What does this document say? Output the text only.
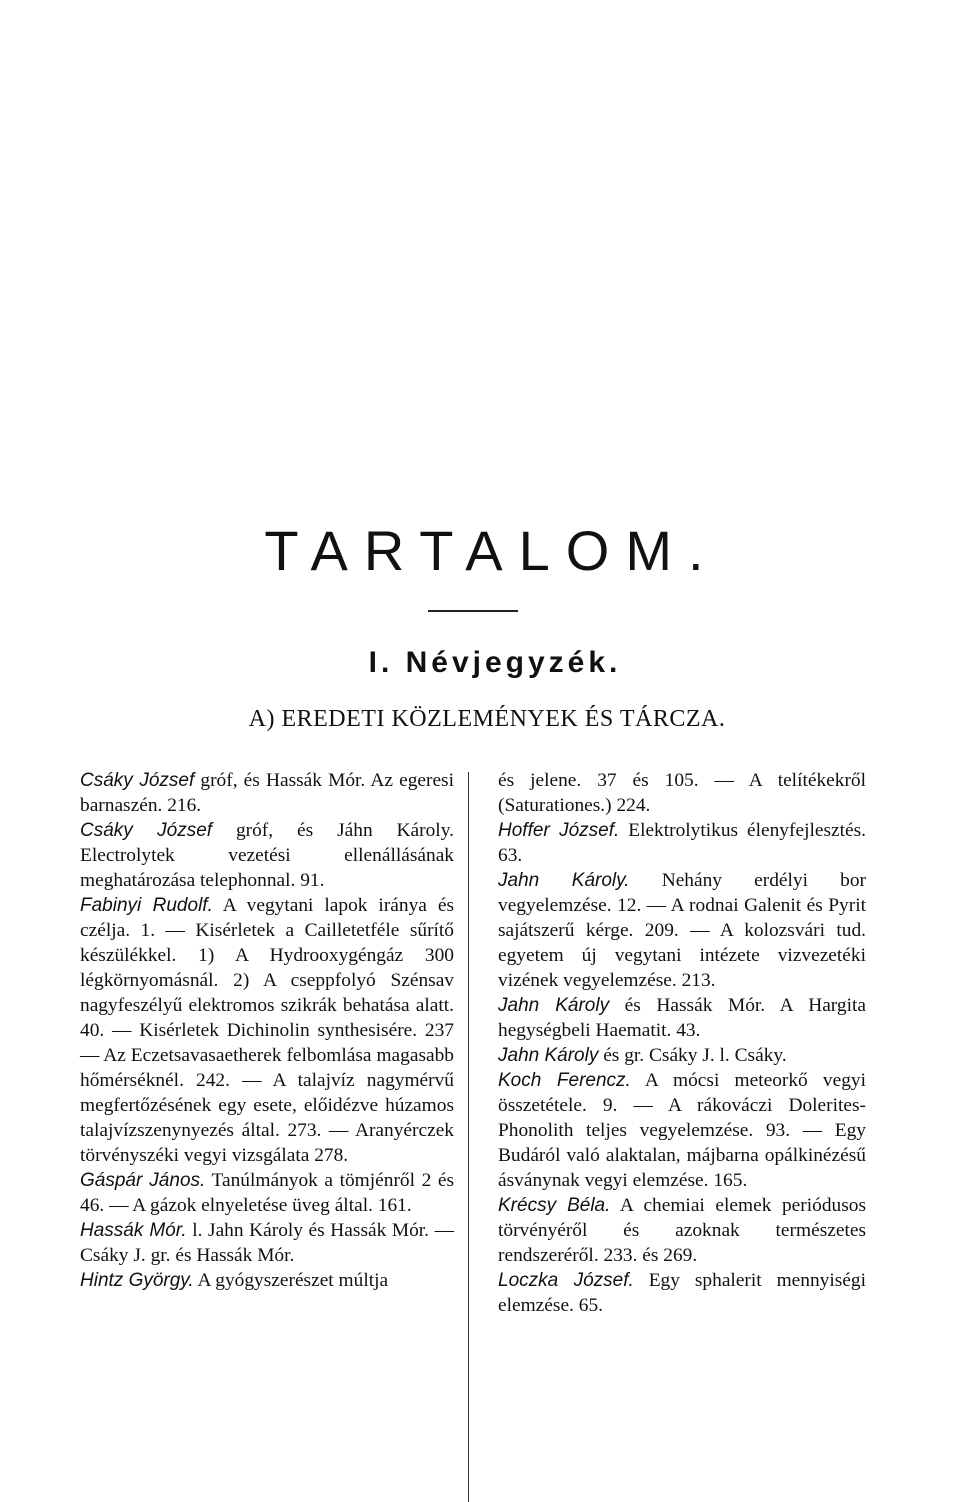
TARTALOM.
I. Névjegyzék.
A) EREDETI KÖZLEMÉNYEK ÉS TÁRCZA.

Csáky József gróf, és Hassák Mór. Az egeresi barnaszén. 216.

Csáky József gróf, és Jáhn Károly. Electrolytek vezetési ellenállásának meghatározása telephonnal. 91.

Fabinyi Rudolf. A vegytani lapok iránya és czélja. 1. — Kisérletek a Cailletetféle sűrítő készülékkel. 1) A Hydrooxygéngáz 300 légkörnyomásnál. 2) A cseppfolyó Szénsav nagyfeszélyű elektromos szikrák behatása alatt. 40. — Kisérletek Dichinolin synthesisére. 237 — Az Eczetsavasaetherek felbomlása magasabb hőmérséknél. 242. — A talajvíz nagymérvű megfertőzésének egy esete, előidézve húzamos talajvízszenynyezés által. 273. — Aranyérczek törvényszéki vegyi vizsgálata 278.

Gáspár János. Tanúlmányok a tömjénről 2 és 46. — A gázok elnyeletése üveg által. 161.

Hassák Mór. l. Jahn Károly és Hassák Mór. — Csáky J. gr. és Hassák Mór.

Hintz György. A gyógyszerészet múltja

és jelene. 37 és 105. — A telítékekről (Saturationes.) 224.

Hoffer József. Elektrolytikus élenyfejlesztés. 63.

Jahn Károly. Nehány erdélyi bor vegyelemzése. 12. — A rodnai Galenit és Pyrit sajátszerű kérge. 209. — A kolozsvári tud. egyetem új vegytani intézete vizvezetéki vizének vegyelemzése. 213.

Jahn Károly és Hassák Mór. A Hargita hegységbeli Haematit. 43.

Jahn Károly és gr. Csáky J. l. Csáky.

Koch Ferencz. A mócsi meteorkő vegyi összetétele. 9. — A rákováczi Dolerites-Phonolith teljes vegyelemzése. 93. — Egy Budáról való alaktalan, májbarna opálkinézésű ásványnak vegyi elemzése. 165.

Krécsy Béla. A chemiai elemek periódusos törvényéről és azoknak természetes rendszeréről. 233. és 269.

Loczka József. Egy sphalerit mennyiségi elemzése. 65.
